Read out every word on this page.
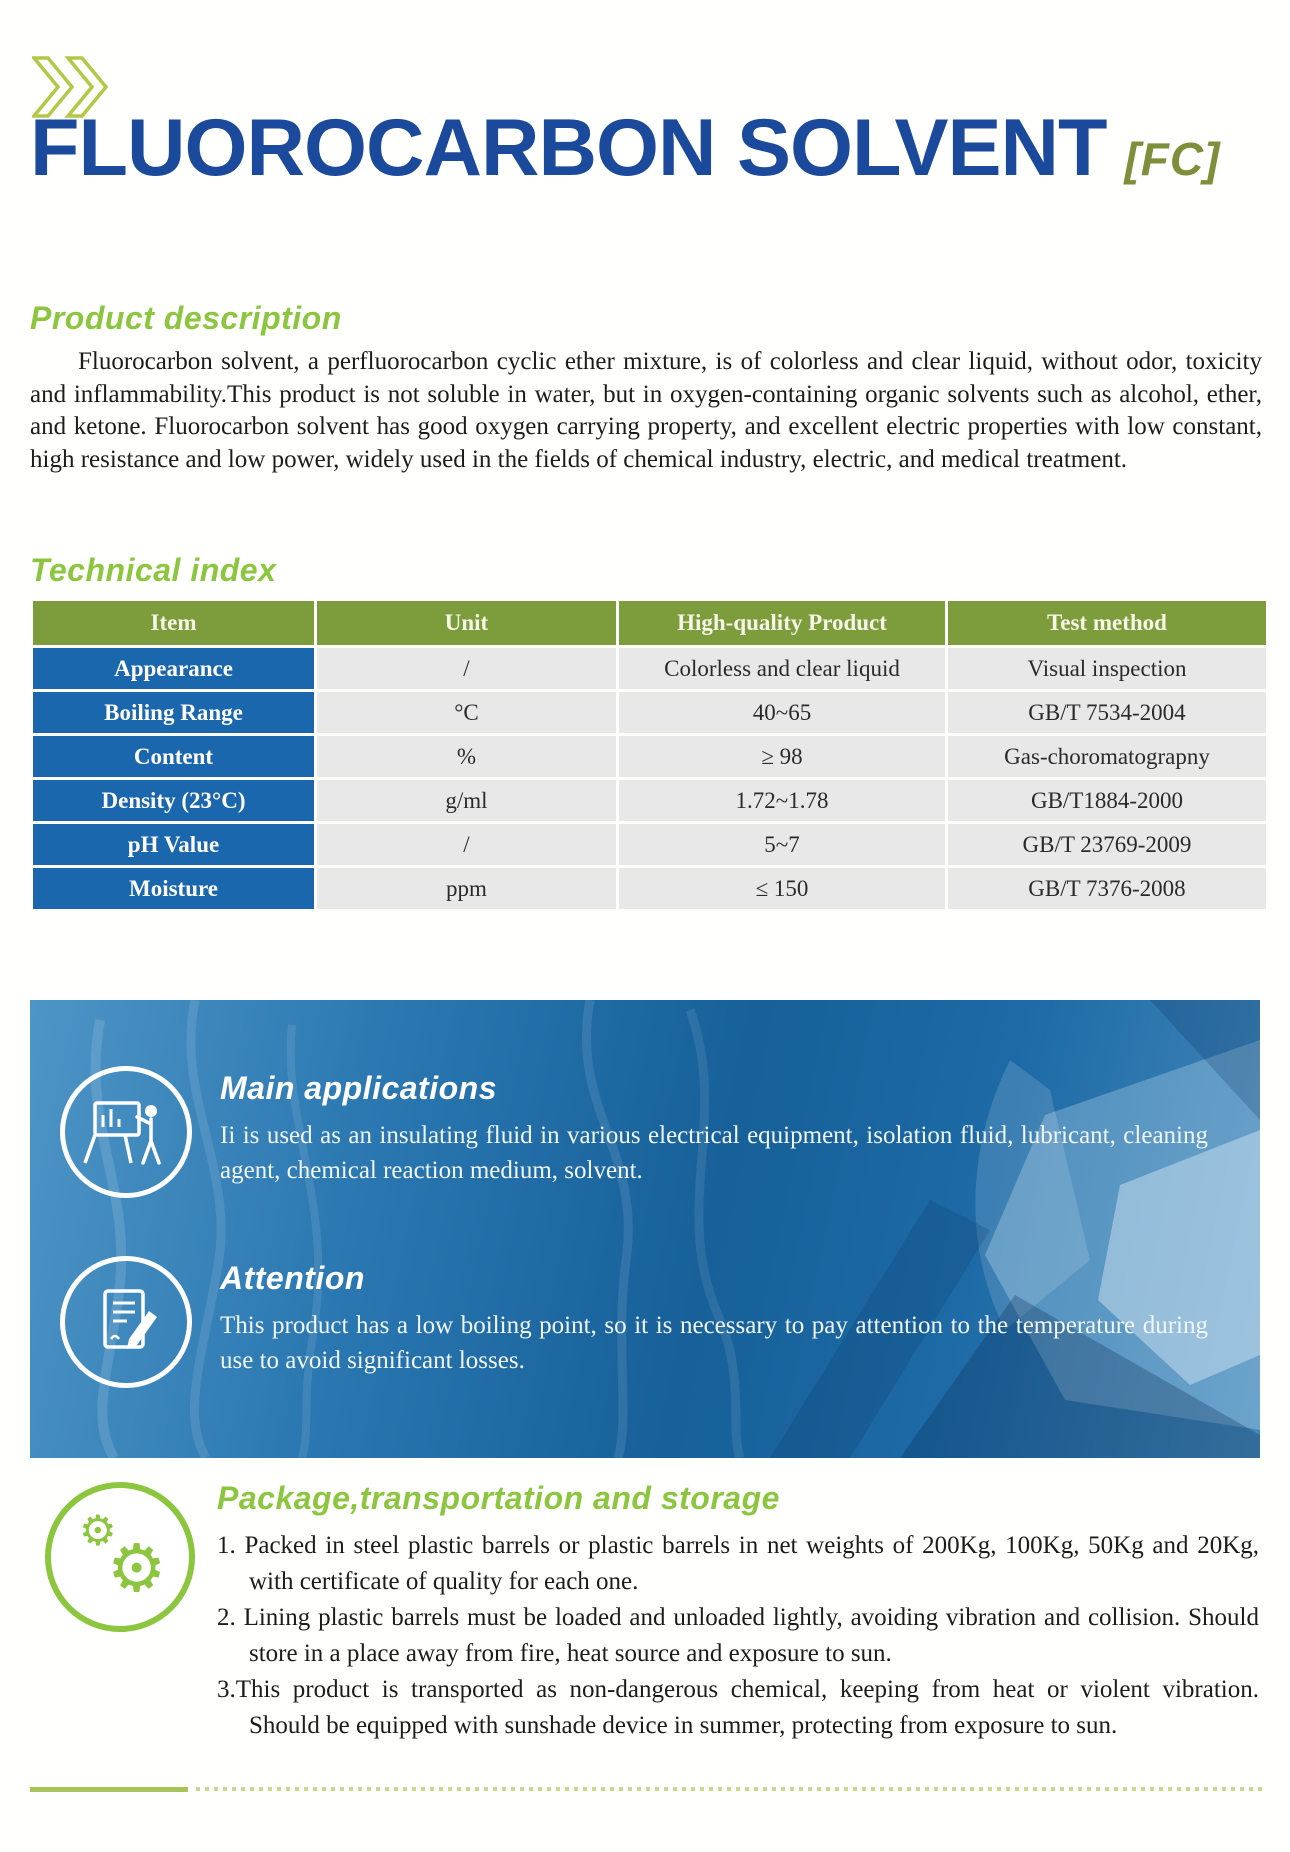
FLUOROCARBON SOLVENT [FC]
Product description

Fluorocarbon solvent, a perfluorocarbon cyclic ether mixture, is of colorless and clear liquid, without odor, toxicity and inflammability.This product is not soluble in water, but in oxygen-containing organic solvents such as alcohol, ether, and ketone. Fluorocarbon solvent has good oxygen carrying property, and excellent electric properties with low constant, high resistance and low power, widely used in the fields of chemical industry, electric, and medical treatment.

Technical index
Item	Unit	High-quality Product	Test method
Appearance	/	Colorless and clear liquid	Visual inspection
Boiling Range	°C	40~65	GB/T 7534-2004
Content	%	≥ 98	Gas-choromatograpny
Density (23°C)	g/ml	1.72~1.78	GB/T1884-2000
pH Value	/	5~7	GB/T 23769-2009
Moisture	ppm	≤ 150	GB/T 7376-2008
Main applications

Ii is used as an insulating fluid in various electrical equipment, isolation fluid, lubricant, cleaning agent, chemical reaction medium, solvent.

Attention

This product has a low boiling point, so it is necessary to pay attention to the temperature during use to avoid significant losses.

⚙
⚙
Package,transportation and storage
1. Packed in steel plastic barrels or plastic barrels in net weights of 200Kg, 100Kg, 50Kg and 20Kg, with certificate of quality for each one.
2. Lining plastic barrels must be loaded and unloaded lightly, avoiding vibration and collision. Should store in a place away from fire, heat source and exposure to sun.
3.This product is transported as non-dangerous chemical, keeping from heat or violent vibration. Should be equipped with sunshade device in summer, protecting from exposure to sun.
